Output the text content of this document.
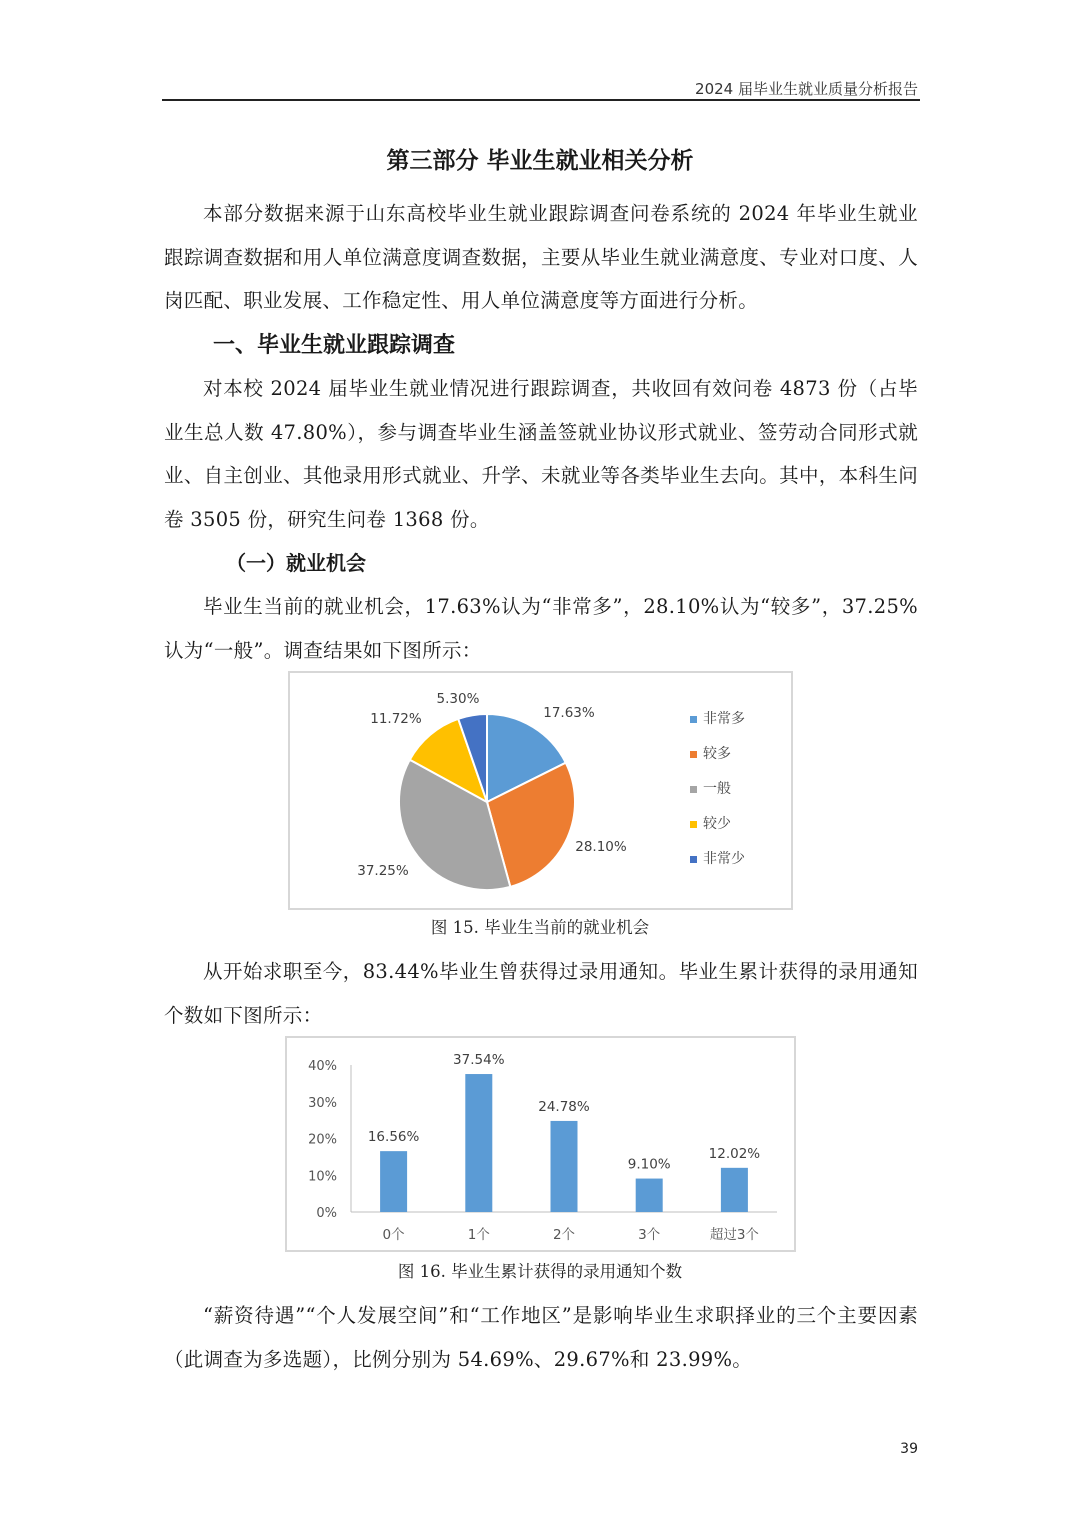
2024 届毕业生就业质量分析报告
第三部分 毕业生就业相关分析

本部分数据来源于山东高校毕业生就业跟踪调查问卷系统的 2024 年毕业生就业跟踪调查数据和用人单位满意度调查数据，主要从毕业生就业满意度、专业对口度、人岗匹配、职业发展、工作稳定性、用人单位满意度等方面进行分析。

一、毕业生就业跟踪调查

对本校 2024 届毕业生就业情况进行跟踪调查，共收回有效问卷 4873 份（占毕业生总人数 47.80%），参与调查毕业生涵盖签就业协议形式就业、签劳动合同形式就业、自主创业、其他录用形式就业、升学、未就业等各类毕业生去向。其中，本科生问卷 3505 份，研究生问卷 1368 份。

（一）就业机会

毕业生当前的就业机会，17.63%认为“非常多”，28.10%认为“较多”，37.25%认为“一般”。调查结果如下图所示：

17.63%
28.10%
37.25%
11.72%
5.30%
非常多
较多
一般
较少
非常少
图 15. 毕业生当前的就业机会

从开始求职至今，83.44%毕业生曾获得过录用通知。毕业生累计获得的录用通知个数如下图所示：

0%
10%
20%
30%
40%
16.56%
0个
37.54%
1个
24.78%
2个
9.10%
3个
12.02%
超过3个
图 16. 毕业生累计获得的录用通知个数

“薪资待遇”“个人发展空间”和“工作地区”是影响毕业生求职择业的三个主要因素（此调查为多选题），比例分别为 54.69%、29.67%和 23.99%。

39
